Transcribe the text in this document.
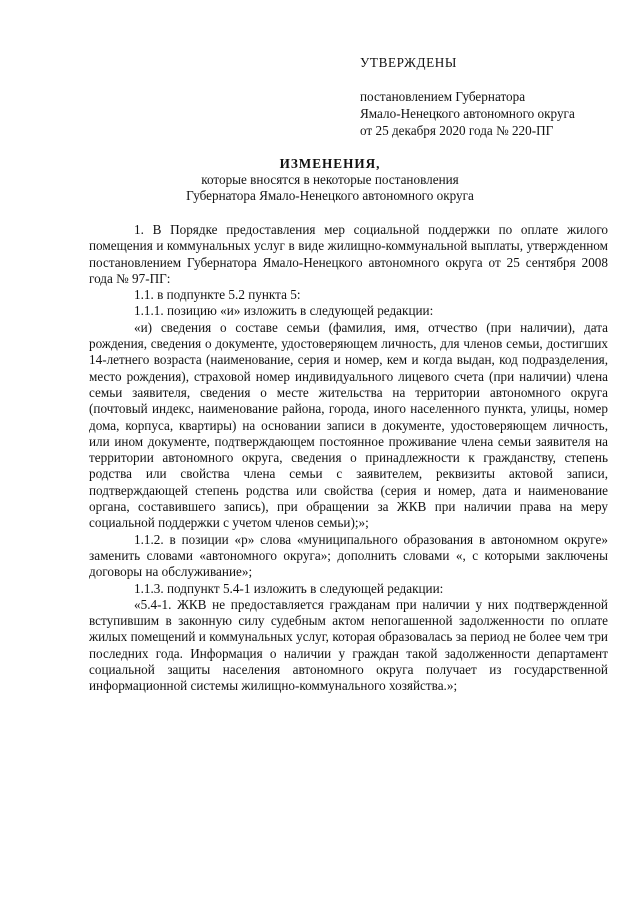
УТВЕРЖДЕНЫ
постановлением Губернатора
Ямало-Ненецкого автономного округа
от 25 декабря 2020 года № 220-ПГ
ИЗМЕНЕНИЯ,
которые вносятся в некоторые постановления
Губернатора Ямало-Ненецкого автономного округа

1. В Порядке предоставления мер социальной поддержки по оплате жилого помещения и коммунальных услуг в виде жилищно-коммунальной выплаты, утвержденном постановлением Губернатора Ямало-Ненецкого автономного округа от 25 сентября 2008 года № 97-ПГ:

1.1. в подпункте 5.2 пункта 5:

1.1.1. позицию «и» изложить в следующей редакции:

«и) сведения о составе семьи (фамилия, имя, отчество (при наличии), дата рождения, сведения о документе, удостоверяющем личность, для членов семьи, достигших 14-летнего возраста (наименование, серия и номер, кем и когда выдан, код подразделения, место рождения), страховой номер индивидуального лицевого счета (при наличии) члена семьи заявителя, сведения о месте жительства на территории автономного округа (почтовый индекс, наименование района, города, иного населенного пункта, улицы, номер дома, корпуса, квартиры) на основании записи в документе, удостоверяющем личность, или ином документе, подтверждающем постоянное проживание члена семьи заявителя на территории автономного округа, сведения о принадлежности к гражданству, степень родства или свойства члена семьи с заявителем, реквизиты актовой записи, подтверждающей степень родства или свойства (серия и номер, дата и наименование органа, составившего запись), при обращении за ЖКВ при наличии права на меру социальной поддержки с учетом членов семьи);»;

1.1.2. в позиции «р» слова «муниципального образования в автономном округе» заменить словами «автономного округа»; дополнить словами «, с которыми заключены договоры на обслуживание»;

1.1.3. подпункт 5.4-1 изложить в следующей редакции:

«5.4-1. ЖКВ не предоставляется гражданам при наличии у них подтвержденной вступившим в законную силу судебным актом непогашенной задолженности по оплате жилых помещений и коммунальных услуг, которая образовалась за период не более чем три последних года. Информация о наличии у граждан такой задолженности департамент социальной защиты населения автономного округа получает из государственной информационной системы жилищно-коммунального хозяйства.»;
